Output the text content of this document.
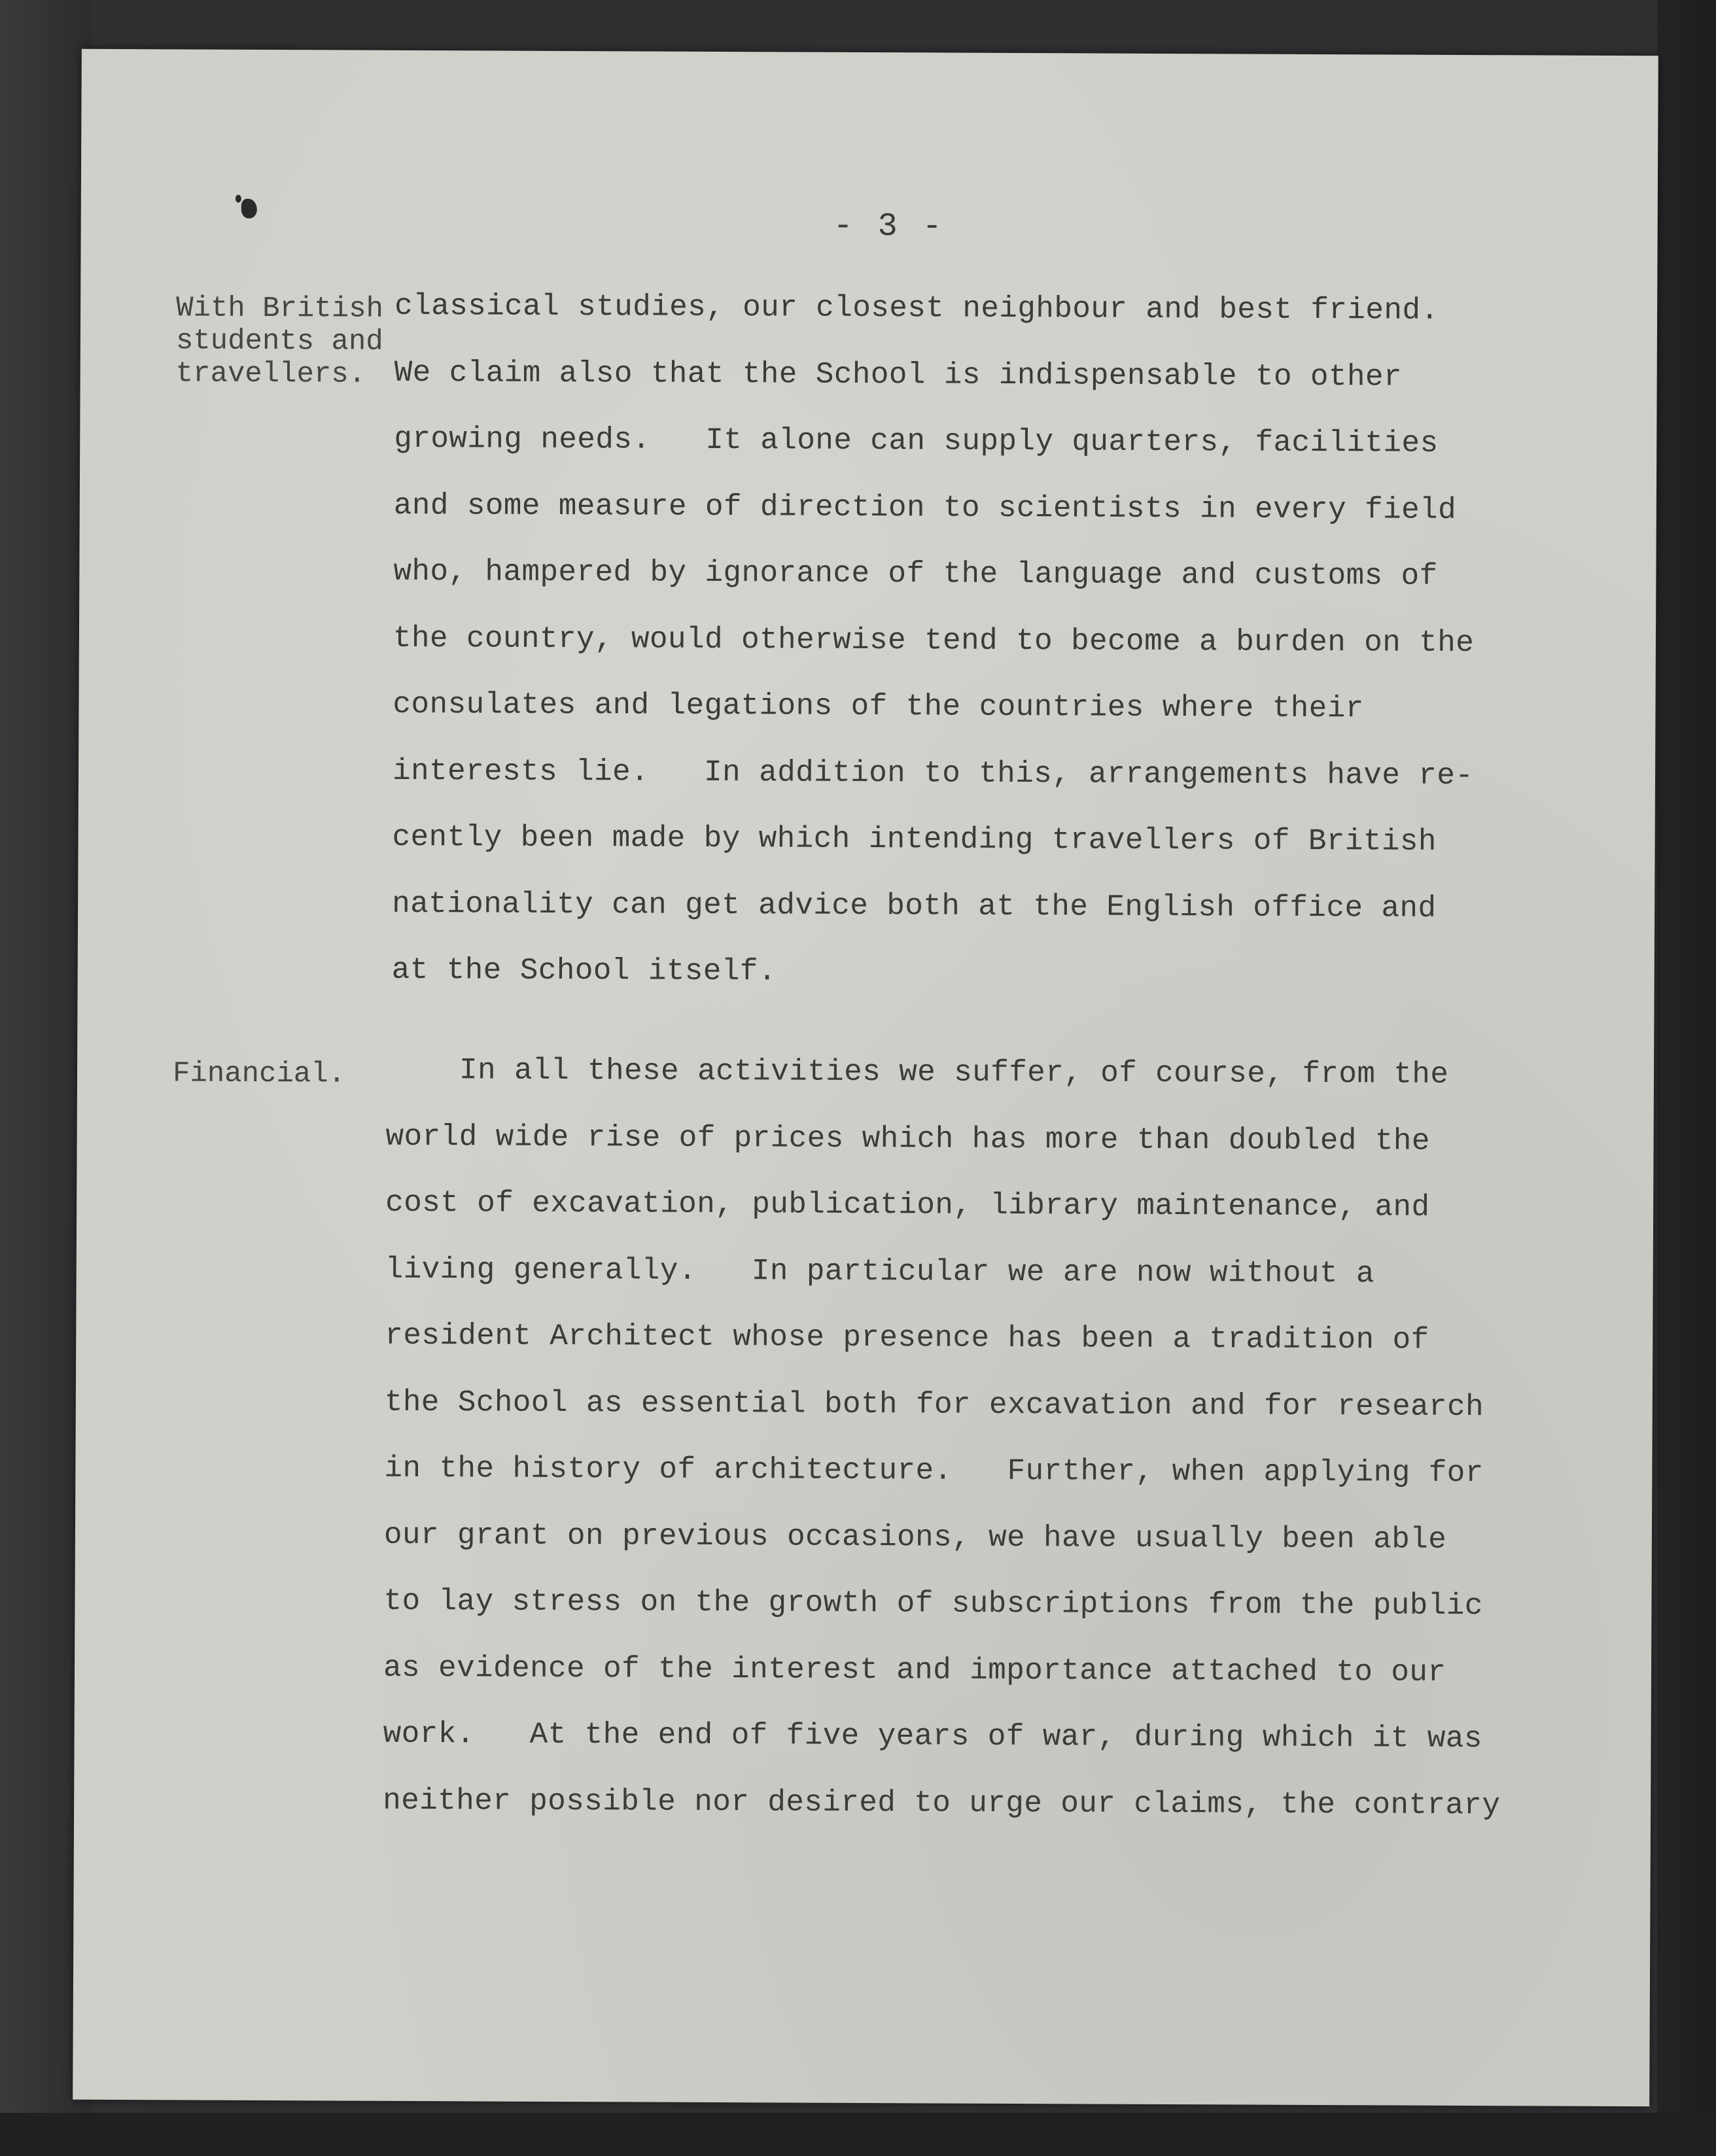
- 3 -
With British
students and
travellers.
classical studies, our closest neighbour and best friend.
We claim also that the School is indispensable to other
growing needs.   It alone can supply quarters, facilities
and some measure of direction to scientists in every field
who, hampered by ignorance of the language and customs of
the country, would otherwise tend to become a burden on the
consulates and legations of the countries where their
interests lie.   In addition to this, arrangements have re-
cently been made by which intending travellers of British
nationality can get advice both at the English office and
at the School itself.
Financial. In all these activities we suffer, of course, from the
world wide rise of prices which has more than doubled the
cost of excavation, publication, library maintenance, and
living generally.   In particular we are now without a
resident Architect whose presence has been a tradition of
the School as essential both for excavation and for research
in the history of architecture.   Further, when applying for
our grant on previous occasions, we have usually been able
to lay stress on the growth of subscriptions from the public
as evidence of the interest and importance attached to our
work.   At the end of five years of war, during which it was
neither possible nor desired to urge our claims, the contrary
